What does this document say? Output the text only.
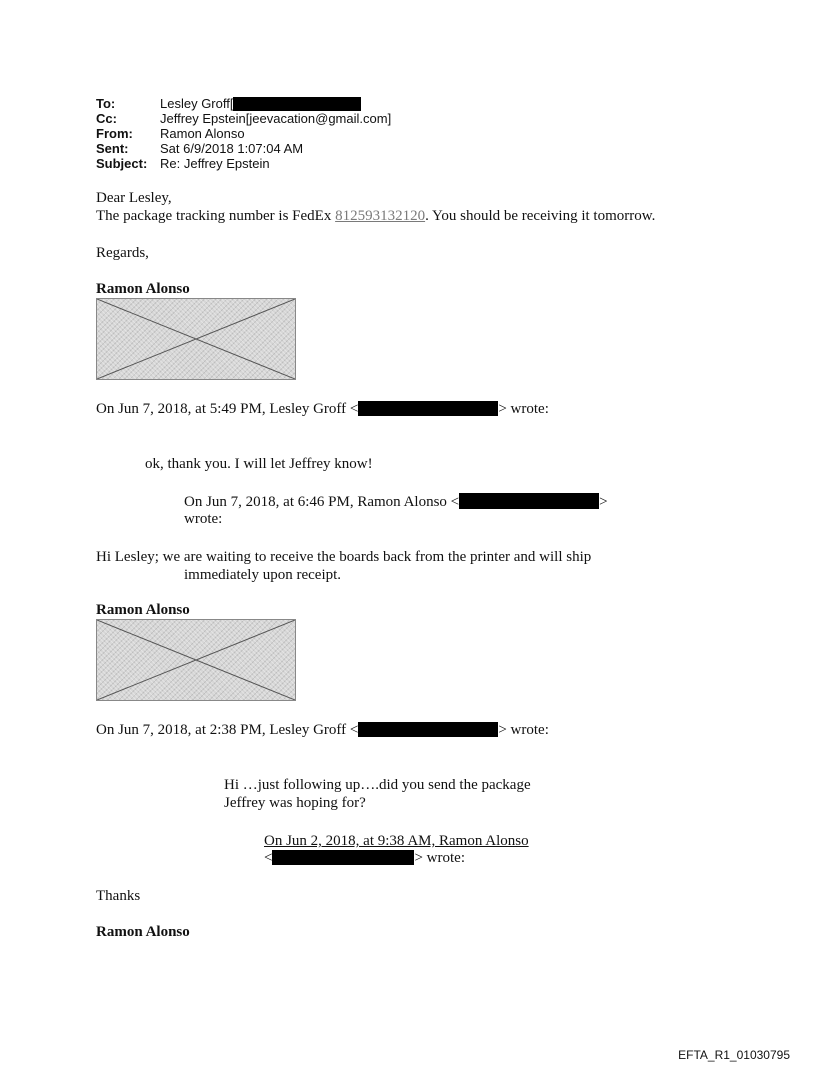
To:	Lesley Groff[
Cc:	Jeffrey Epstein[jeevacation@gmail.com]
From: Ramon Alonso
Sent: Sat 6/9/2018 1:07:04 AM
Subject: Re: Jeffrey Epstein
Dear Lesley,
The package tracking number is FedEx 812593132120. You should be receiving it tomorrow.
Regards,
Ramon Alonso
On Jun 7, 2018, at 5:49 PM, Lesley Groff <	> wrote:
ok, thank you. I will let Jeffrey know!
On Jun 7, 2018, at 6:46 PM, Ramon Alonso <	>
wrote:
Hi Lesley; we are waiting to receive the boards back from the printer and will ship
immediately upon receipt.
Ramon Alonso
On Jun 7, 2018, at 2:38 PM, Lesley Groff <	> wrote:
Hi …just following up….did you send the package
Jeffrey was hoping for?
On Jun 2, 2018, at 9:38 AM, Ramon Alonso
<	> wrote:
Thanks
Ramon Alonso
EFTA_R1_01030795
